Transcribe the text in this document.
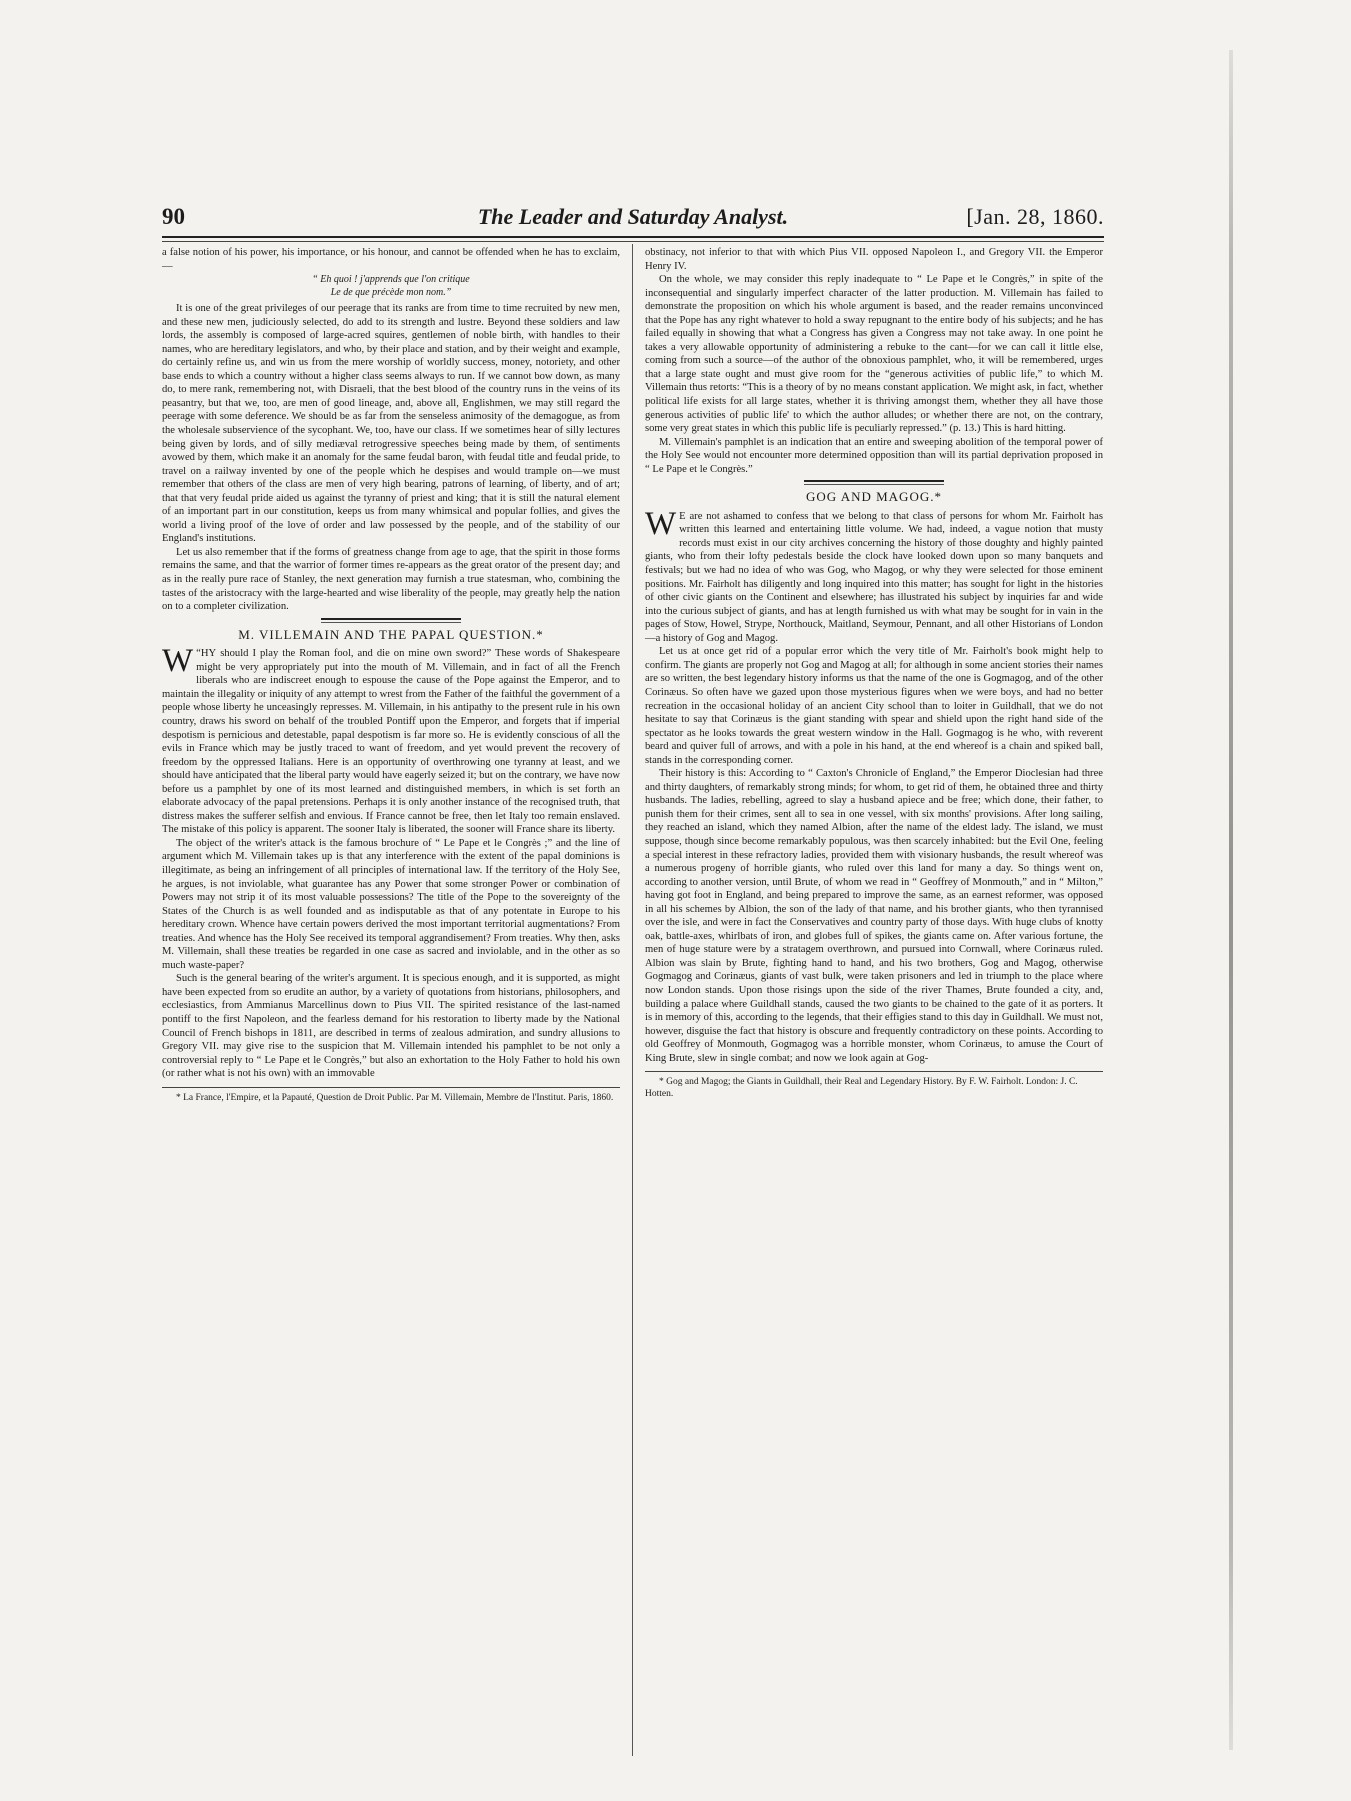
90	The Leader and Saturday Analyst.	[Jan. 28, 1860.

a false notion of his power, his importance, or his honour, and cannot be offended when he has to exclaim,—

“ Eh quoi ! j'apprends que l'on critique
Le de que précède mon nom.”

It is one of the great privileges of our peerage that its ranks are from time to time recruited by new men, and these new men, judiciously selected, do add to its strength and lustre. Beyond these soldiers and law lords, the assembly is composed of large-acred squires, gentlemen of noble birth, with handles to their names, who are hereditary legislators, and who, by their place and station, and by their weight and example, do certainly refine us, and win us from the mere worship of worldly success, money, notoriety, and other base ends to which a country without a higher class seems always to run. If we cannot bow down, as many do, to mere rank, remembering not, with Disraeli, that the best blood of the country runs in the veins of its peasantry, but that we, too, are men of good lineage, and, above all, Englishmen, we may still regard the peerage with some deference. We should be as far from the senseless animosity of the demagogue, as from the wholesale subservience of the sycophant. We, too, have our class. If we sometimes hear of silly lectures being given by lords, and of silly mediæval retrogressive speeches being made by them, of sentiments avowed by them, which make it an anomaly for the same feudal baron, with feudal title and feudal pride, to travel on a railway invented by one of the people which he despises and would trample on—we must remember that others of the class are men of very high bearing, patrons of learning, of liberty, and of art; that that very feudal pride aided us against the tyranny of priest and king; that it is still the natural element of an important part in our constitution, keeps us from many whimsical and popular follies, and gives the world a living proof of the love of order and law possessed by the people, and of the stability of our England's institutions.

Let us also remember that if the forms of greatness change from age to age, that the spirit in those forms remains the same, and that the warrior of former times re-appears as the great orator of the present day; and as in the really pure race of Stanley, the next generation may furnish a true statesman, who, combining the tastes of the aristocracy with the large-hearted and wise liberality of the people, may greatly help the nation on to a completer civilization.

M. VILLEMAIN AND THE PAPAL QUESTION.*

“
W HY should I play the Roman fool, and die on mine own sword?” These words of Shakespeare might be very appropriately put into the mouth of M. Villemain, and in fact of all the French liberals who are indiscreet enough to espouse the cause of the Pope against the Emperor, and to maintain the illegality or iniquity of any attempt to wrest from the Father of the faithful the government of a people whose liberty he unceasingly represses. M. Villemain, in his antipathy to the present rule in his own country, draws his sword on behalf of the troubled Pontiff upon the Emperor, and forgets that if imperial despotism is pernicious and detestable, papal despotism is far more so. He is evidently conscious of all the evils in France which may be justly traced to want of freedom, and yet would prevent the recovery of freedom by the oppressed Italians. Here is an opportunity of overthrowing one tyranny at least, and we should have anticipated that the liberal party would have eagerly seized it; but on the contrary, we have now before us a pamphlet by one of its most learned and distinguished members, in which is set forth an elaborate advocacy of the papal pretensions. Perhaps it is only another instance of the recognised truth, that distress makes the sufferer selfish and envious. If France cannot be free, then let Italy too remain enslaved. The mistake of this policy is apparent. The sooner Italy is liberated, the sooner will France share its liberty.

The object of the writer's attack is the famous brochure of “ Le Pape et le Congrès ;” and the line of argument which M. Villemain takes up is that any interference with the extent of the papal dominions is illegitimate, as being an infringement of all principles of international law. If the territory of the Holy See, he argues, is not inviolable, what guarantee has any Power that some stronger Power or combination of Powers may not strip it of its most valuable possessions? The title of the Pope to the sovereignty of the States of the Church is as well founded and as indisputable as that of any potentate in Europe to his hereditary crown. Whence have certain powers derived the most important territorial augmentations? From treaties. And whence has the Holy See received its temporal aggrandisement? From treaties. Why then, asks M. Villemain, shall these treaties be regarded in one case as sacred and inviolable, and in the other as so much waste-paper?

Such is the general bearing of the writer's argument. It is specious enough, and it is supported, as might have been expected from so erudite an author, by a variety of quotations from historians, philosophers, and ecclesiastics, from Ammianus Marcellinus down to Pius VII. The spirited resistance of the last-named pontiff to the first Napoleon, and the fearless demand for his restoration to liberty made by the National Council of French bishops in 1811, are described in terms of zealous admiration, and sundry allusions to Gregory VII. may give rise to the suspicion that M. Villemain intended his pamphlet to be not only a controversial reply to “ Le Pape et le Congrès,” but also an exhortation to the Holy Father to hold his own (or rather what is not his own) with an immovable

* La France, l'Empire, et la Papauté, Question de Droit Public. Par M. Villemain, Membre de l'Institut. Paris, 1860.

obstinacy, not inferior to that with which Pius VII. opposed Napoleon I., and Gregory VII. the Emperor Henry IV.

On the whole, we may consider this reply inadequate to “ Le Pape et le Congrès,” in spite of the inconsequential and singularly imperfect character of the latter production. M. Villemain has failed to demonstrate the proposition on which his whole argument is based, and the reader remains unconvinced that the Pope has any right whatever to hold a sway repugnant to the entire body of his subjects; and he has failed equally in showing that what a Congress has given a Congress may not take away. In one point he takes a very allowable opportunity of administering a rebuke to the cant—for we can call it little else, coming from such a source—of the author of the obnoxious pamphlet, who, it will be remembered, urges that a large state ought and must give room for the “generous activities of public life,” to which M. Villemain thus retorts: “This is a theory of by no means constant application. We might ask, in fact, whether political life exists for all large states, whether it is thriving amongst them, whether they all have those generous activities of public life' to which the author alludes; or whether there are not, on the contrary, some very great states in which this public life is peculiarly repressed.” (p. 13.) This is hard hitting.

M. Villemain's pamphlet is an indication that an entire and sweeping abolition of the temporal power of the Holy See would not encounter more determined opposition than will its partial deprivation proposed in “ Le Pape et le Congrès.”

GOG AND MAGOG.*

W E are not ashamed to confess that we belong to that class of persons for whom Mr. Fairholt has written this learned and entertaining little volume. We had, indeed, a vague notion that musty records must exist in our city archives concerning the history of those doughty and highly painted giants, who from their lofty pedestals beside the clock have looked down upon so many banquets and festivals; but we had no idea of who was Gog, who Magog, or why they were selected for those eminent positions. Mr. Fairholt has diligently and long inquired into this matter; has sought for light in the histories of other civic giants on the Continent and elsewhere; has illustrated his subject by inquiries far and wide into the curious subject of giants, and has at length furnished us with what may be sought for in vain in the pages of Stow, Howel, Strype, Northouck, Maitland, Seymour, Pennant, and all other Historians of London—a history of Gog and Magog.

Let us at once get rid of a popular error which the very title of Mr. Fairholt's book might help to confirm. The giants are properly not Gog and Magog at all; for although in some ancient stories their names are so written, the best legendary history informs us that the name of the one is Gogmagog, and of the other Corinæus. So often have we gazed upon those mysterious figures when we were boys, and had no better recreation in the occasional holiday of an ancient City school than to loiter in Guildhall, that we do not hesitate to say that Corinæus is the giant standing with spear and shield upon the right hand side of the spectator as he looks towards the great western window in the Hall. Gogmagog is he who, with reverent beard and quiver full of arrows, and with a pole in his hand, at the end whereof is a chain and spiked ball, stands in the corresponding corner.

Their history is this: According to “ Caxton's Chronicle of England,” the Emperor Dioclesian had three and thirty daughters, of remarkably strong minds; for whom, to get rid of them, he obtained three and thirty husbands. The ladies, rebelling, agreed to slay a husband apiece and be free; which done, their father, to punish them for their crimes, sent all to sea in one vessel, with six months' provisions. After long sailing, they reached an island, which they named Albion, after the name of the eldest lady. The island, we must suppose, though since become remarkably populous, was then scarcely inhabited: but the Evil One, feeling a special interest in these refractory ladies, provided them with visionary husbands, the result whereof was a numerous progeny of horrible giants, who ruled over this land for many a day. So things went on, according to another version, until Brute, of whom we read in “ Geoffrey of Monmouth,” and in “ Milton,” having got foot in England, and being prepared to improve the same, as an earnest reformer, was opposed in all his schemes by Albion, the son of the lady of that name, and his brother giants, who then tyrannised over the isle, and were in fact the Conservatives and country party of those days. With huge clubs of knotty oak, battle-axes, whirlbats of iron, and globes full of spikes, the giants came on. After various fortune, the men of huge stature were by a stratagem overthrown, and pursued into Cornwall, where Corinæus ruled. Albion was slain by Brute, fighting hand to hand, and his two brothers, Gog and Magog, otherwise Gogmagog and Corinæus, giants of vast bulk, were taken prisoners and led in triumph to the place where now London stands. Upon those risings upon the side of the river Thames, Brute founded a city, and, building a palace where Guildhall stands, caused the two giants to be chained to the gate of it as porters. It is in memory of this, according to the legends, that their effigies stand to this day in Guildhall. We must not, however, disguise the fact that history is obscure and frequently contradictory on these points. According to old Geoffrey of Monmouth, Gogmagog was a horrible monster, whom Corinæus, to amuse the Court of King Brute, slew in single combat; and now we look again at Gog-

* Gog and Magog; the Giants in Guildhall, their Real and Legendary History. By F. W. Fairholt. London: J. C. Hotten.
